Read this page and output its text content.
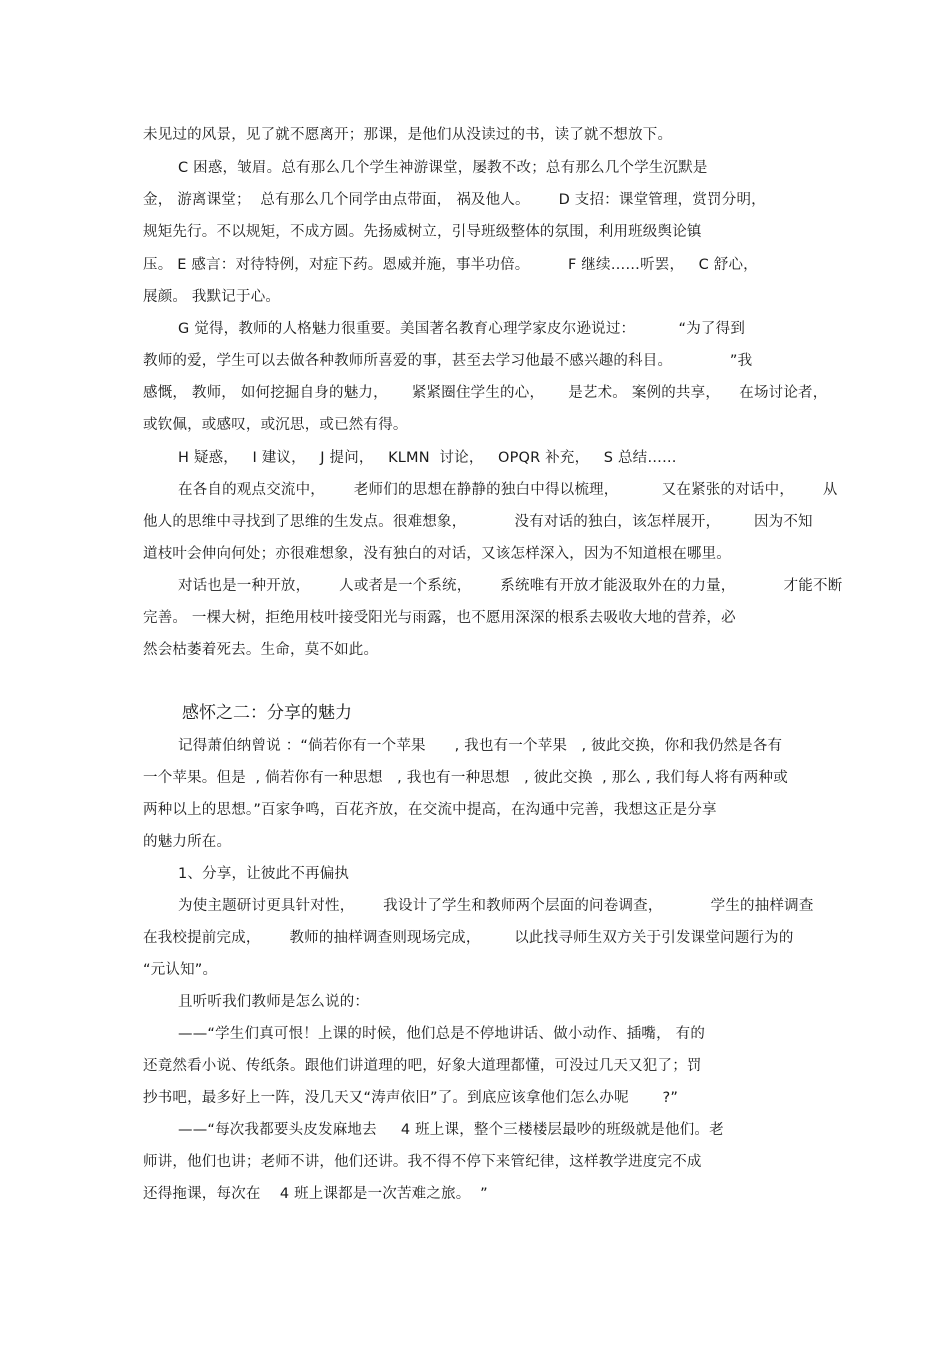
未见过的风景，见了就不愿离开；那课，是他们从没读过的书，读了就不想放下。
C 困惑，皱眉。总有那么几个学生神游课堂，屡教不改；总有那么几个学生沉默是
金， 游离课堂；  总有那么几个同学由点带面， 祸及他人。      D 支招：课堂管理，赏罚分明，
规矩先行。不以规矩，不成方圆。先扬威树立，引导班级整体的氛围，利用班级舆论镇
压。 E 感言：对待特例，对症下药。恩威并施，事半功倍。        F 继续……听罢，   C 舒心，
展颜。 我默记于心。
G 觉得，教师的人格魅力很重要。美国著名教育心理学家皮尔逊说过：         “为了得到
教师的爱，学生可以去做各种教师所喜爱的事，甚至去学习他最不感兴趣的科目。            ”我
感慨， 教师， 如何挖掘自身的魅力，     紧紧圈住学生的心，     是艺术。 案例的共享，    在场讨论者，
或钦佩，或感叹，或沉思，或已然有得。
H 疑惑，   I 建议，   J 提问，   KLMN  讨论，   OPQR 补充，   S 总结……
在各自的观点交流中，      老师们的思想在静静的独白中得以梳理，         又在紧张的对话中，      从
他人的思维中寻找到了思维的生发点。很难想象，          没有对话的独白，该怎样展开，       因为不知
道枝叶会伸向何处；亦很难想象，没有独白的对话，又该怎样深入，因为不知道根在哪里。
对话也是一种开放，      人或者是一个系统，      系统唯有开放才能汲取外在的力量，          才能不断
完善。 一棵大树，拒绝用枝叶接受阳光与雨露，也不愿用深深的根系去吸收大地的营养，必
然会枯萎着死去。生命，莫不如此。
感怀之二：分享的魅力
记得萧伯纳曾说 ：“倘若你有一个苹果      , 我也有一个苹果   , 彼此交换，你和我仍然是各有
一个苹果。但是  , 倘若你有一种思想   , 我也有一种思想   , 彼此交换  , 那么 , 我们每人将有两种或
两种以上的思想。”百家争鸣，百花齐放，在交流中提高，在沟通中完善，我想这正是分享
的魅力所在。
1、分享，让彼此不再偏执
为使主题研讨更具针对性，      我设计了学生和教师两个层面的问卷调查，          学生的抽样调查
在我校提前完成，      教师的抽样调查则现场完成，       以此找寻师生双方关于引发课堂问题行为的
“元认知”。
且听听我们教师是怎么说的：
——“学生们真可恨！上课的时候，他们总是不停地讲话、做小动作、插嘴， 有的
还竟然看小说、传纸条。跟他们讲道理的吧，好象大道理都懂，可没过几天又犯了；罚
抄书吧，最多好上一阵，没几天又“涛声依旧”了。到底应该拿他们怎么办呢       ?”
——“每次我都要头皮发麻地去     4 班上课，整个三楼楼层最吵的班级就是他们。老
师讲，他们也讲；老师不讲，他们还讲。我不得不停下来管纪律，这样教学进度完不成
还得拖课，每次在    4 班上课都是一次苦难之旅。  ”
